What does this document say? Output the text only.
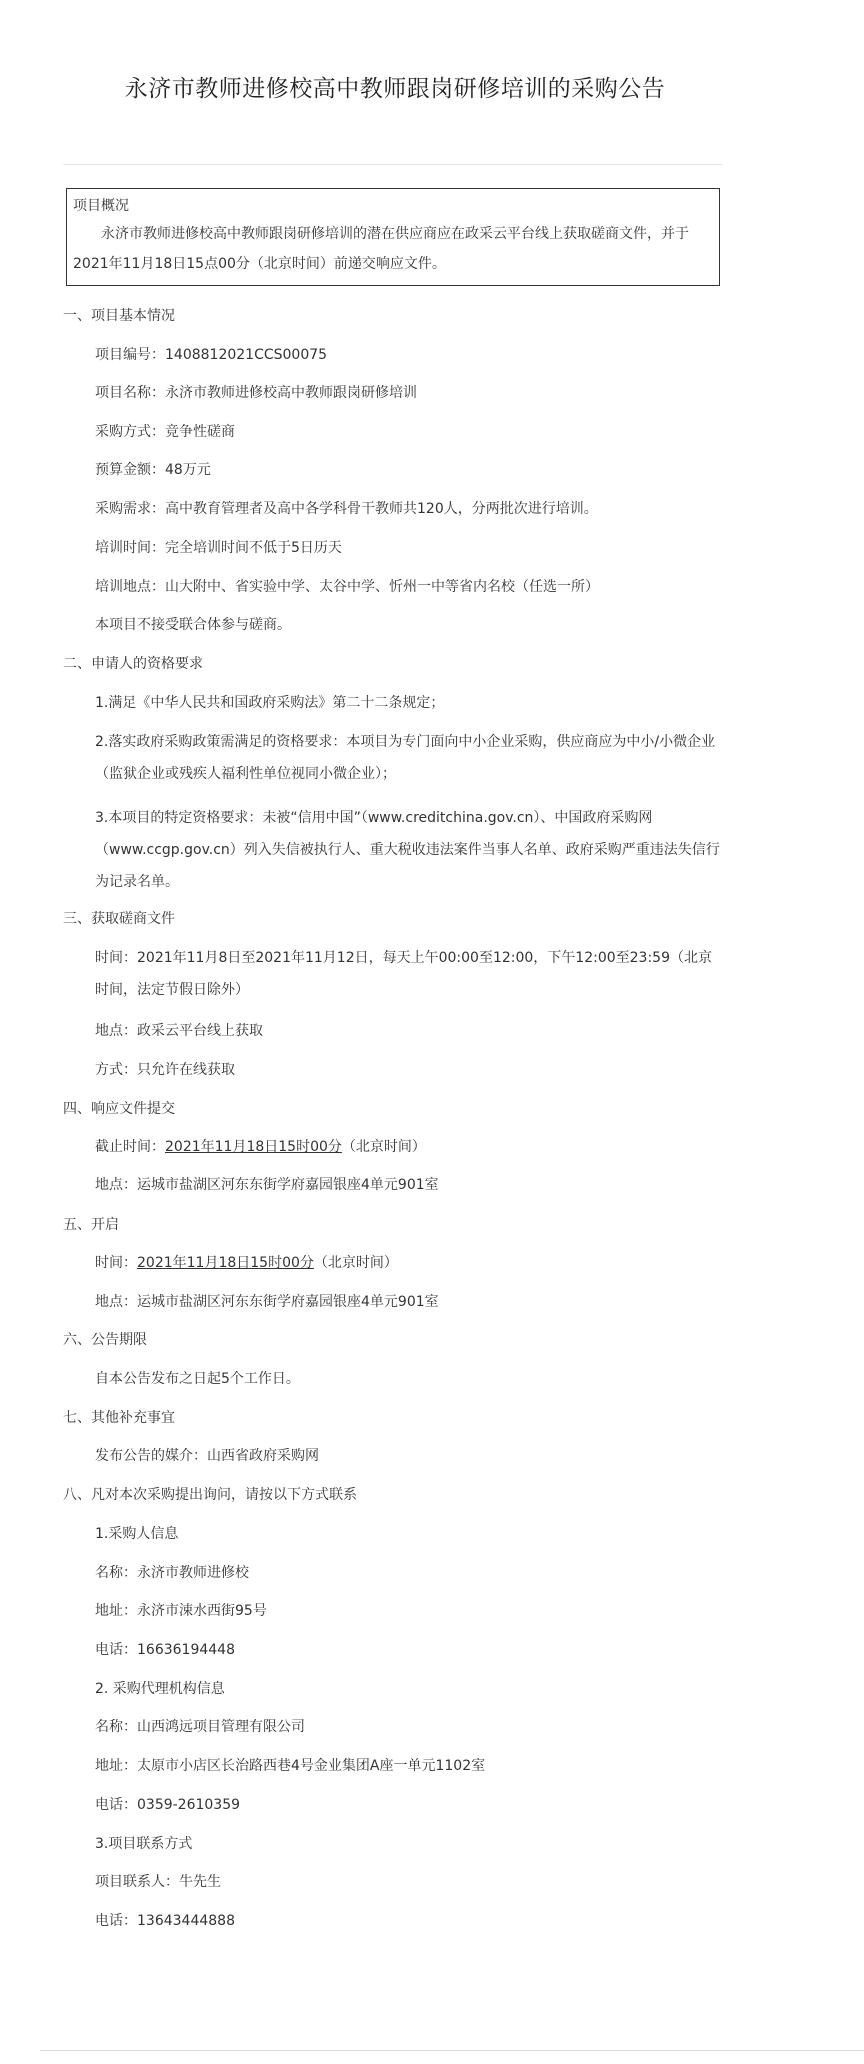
永济市教师进修校高中教师跟岗研修培训的采购公告
项目概况
永济市教师进修校高中教师跟岗研修培训的潜在供应商应在政采云平台线上获取磋商文件，并于2021年11月18日15点00分（北京时间）前递交响应文件。
一、项目基本情况
项目编号：1408812021CCS00075
项目名称：永济市教师进修校高中教师跟岗研修培训
采购方式：竞争性磋商
预算金额：48万元
采购需求：高中教育管理者及高中各学科骨干教师共120人，分两批次进行培训。
培训时间：完全培训时间不低于5日历天
培训地点：山大附中、省实验中学、太谷中学、忻州一中等省内名校（任选一所）
本项目不接受联合体参与磋商。
二、申请人的资格要求
1.满足《中华人民共和国政府采购法》第二十二条规定；
2.落实政府采购政策需满足的资格要求：本项目为专门面向中小企业采购，供应商应为中小/小微企业（监狱企业或残疾人福利性单位视同小微企业）；
3.本项目的特定资格要求：未被“信用中国”（www.creditchina.gov.cn）、中国政府采购网（www.ccgp.gov.cn）列入失信被执行人、重大税收违法案件当事人名单、政府采购严重违法失信行为记录名单。
三、获取磋商文件
时间：2021年11月8日至2021年11月12日，每天上午00:00至12:00，下午12:00至23:59（北京时间，法定节假日除外）
地点：政采云平台线上获取
方式：只允许在线获取
四、响应文件提交
截止时间：2021年11月18日15时00分（北京时间）
地点：运城市盐湖区河东东街学府嘉园银座4单元901室
五、开启
时间：2021年11月18日15时00分（北京时间）
地点：运城市盐湖区河东东街学府嘉园银座4单元901室
六、公告期限
自本公告发布之日起5个工作日。
七、其他补充事宜
发布公告的媒介：山西省政府采购网
八、凡对本次采购提出询问，请按以下方式联系
1.采购人信息
名称：永济市教师进修校
地址：永济市涑水西街95号
电话：16636194448
2. 采购代理机构信息
名称：山西鸿远项目管理有限公司
地址：太原市小店区长治路西巷4号金业集团A座一单元1102室
电话：0359-2610359
3.项目联系方式
项目联系人：牛先生
电话：13643444888
